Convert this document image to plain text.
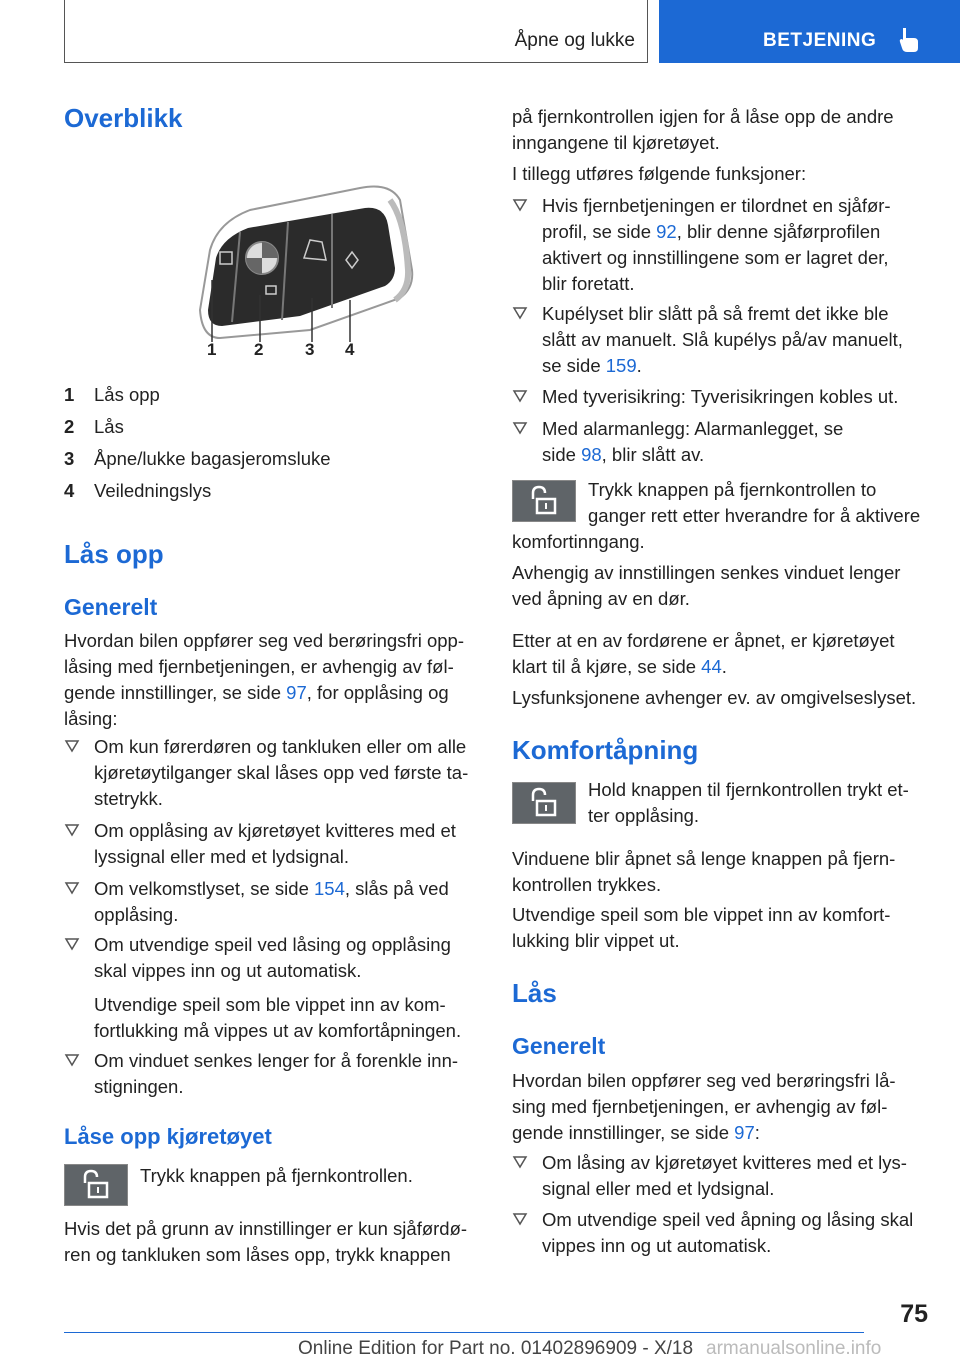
Åpne og lukke	BETJENING
Overblikk
1 2 3 4
1 Lås opp
2 Lås
3 Åpne/lukke bagasjeromsluke
4 Veiledningslys
Lås opp
Generelt
Hvordan bilen oppfører seg ved berøringsfri opp-
låsing med fjernbetjeningen, er avhengig av føl-
gende innstillinger, se side 97, for opplåsing og
låsing:
Om kun førerdøren og tankluken eller om alle
kjøretøytilganger skal låses opp ved første ta-
stetrykk.
Om opplåsing av kjøretøyet kvitteres med et
lyssignal eller med et lydsignal.
Om velkomstlyset, se side 154, slås på ved
opplåsing.
Om utvendige speil ved låsing og opplåsing
skal vippes inn og ut automatisk.
Utvendige speil som ble vippet inn av kom-
fortlukking må vippes ut av komfortåpningen.
Om vinduet senkes lenger for å forenkle inn-
stigningen.
Låse opp kjøretøyet
Trykk knappen på fjernkontrollen.
Hvis det på grunn av innstillinger er kun sjåførdø-
ren og tankluken som låses opp, trykk knappen
på fjernkontrollen igjen for å låse opp de andre
inngangene til kjøretøyet.
I tillegg utføres følgende funksjoner:
Hvis fjernbetjeningen er tilordnet en sjåfør-
profil, se side 92, blir denne sjåførprofilen
aktivert og innstillingene som er lagret der,
blir foretatt.
Kupélyset blir slått på så fremt det ikke ble
slått av manuelt. Slå kupélys på/av manuelt,
se side 159.
Med tyverisikring: Tyverisikringen kobles ut.
Med alarmanlegg: Alarmanlegget, se
side 98, blir slått av.
Trykk knappen på fjernkontrollen to
ganger rett etter hverandre for å aktivere
komfortinngang.
Avhengig av innstillingen senkes vinduet lenger
ved åpning av en dør.
Etter at en av fordørene er åpnet, er kjøretøyet
klart til å kjøre, se side 44.
Lysfunksjonene avhenger ev. av omgivelseslyset.
Komfortåpning
Hold knappen til fjernkontrollen trykt et-
ter opplåsing.
Vinduene blir åpnet så lenge knappen på fjern-
kontrollen trykkes.
Utvendige speil som ble vippet inn av komfort-
lukking blir vippet ut.
Lås
Generelt
Hvordan bilen oppfører seg ved berøringsfri lå-
sing med fjernbetjeningen, er avhengig av føl-
gende innstillinger, se side 97:
Om låsing av kjøretøyet kvitteres med et lys-
signal eller med et lydsignal.
Om utvendige speil ved åpning og låsing skal
vippes inn og ut automatisk.
75
Online Edition for Part no. 01402896909 - X/18 armanualsonline.info
